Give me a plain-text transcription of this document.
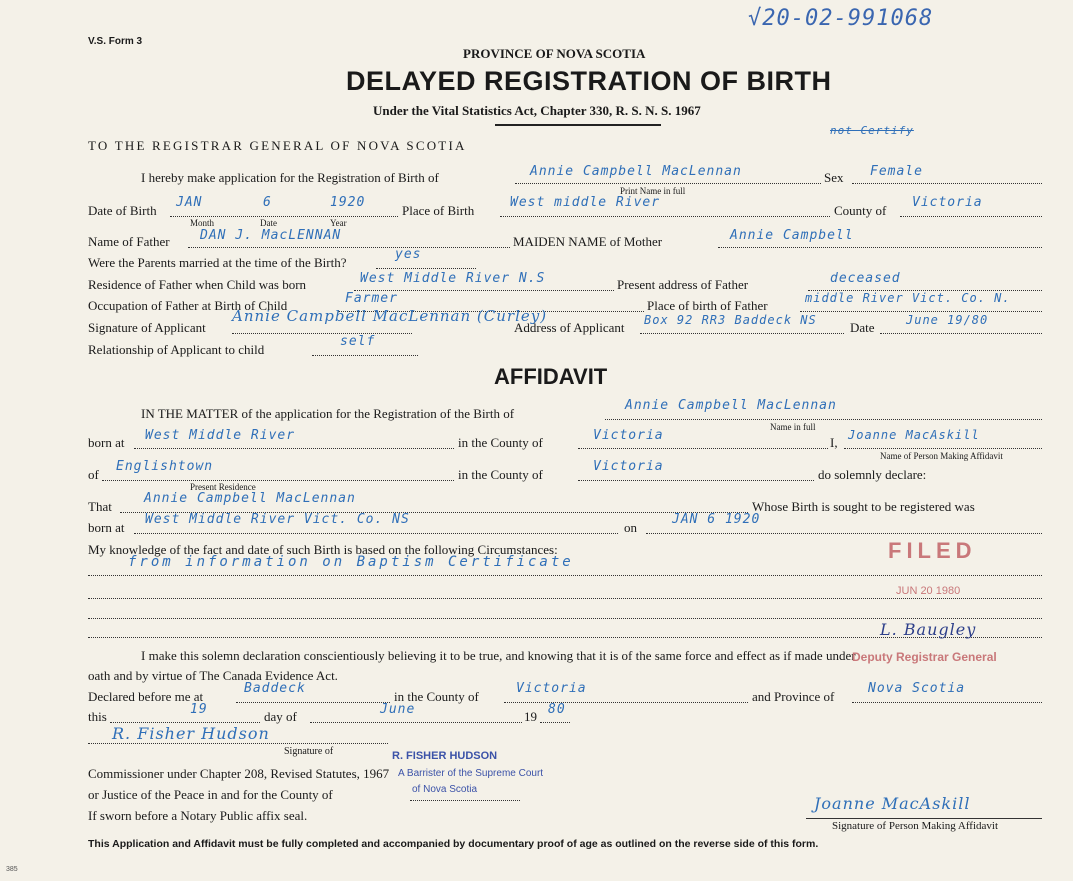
V.S. Form 3
√20-02-991068
PROVINCE OF NOVA SCOTIA
DELAYED REGISTRATION OF BIRTH
Under the Vital Statistics Act, Chapter 330, R. S. N. S. 1967
TO THE REGISTRAR GENERAL OF NOVA SCOTIA
I hereby make application for the Registration of Birth of	Annie Campbell MacLennan	Sex
not Certify
Female
Print Name in full
Date of Birth
JAN	6	1920
Month	Date	Year
Place of Birth
West middle River
County of
Victoria
Name of Father DAN J. MacLENNAN	MAIDEN NAME of Mother	Annie Campbell
Were the Parents married at the time of the Birth?
yes
Residence of Father when Child was born	West Middle River N.S	Present address of Father	deceased
Occupation of Father at Birth of Child	Farmer	Place of birth of Father	middle River Vict. Co. N.
Signature of Applicant
Annie Campbell MacLennan (Curley)
Address of Applicant Box 92 RR3 Baddeck NS	Date	June 19/80
Relationship of Applicant to child
self
AFFIDAVIT
IN THE MATTER of the application for the Registration of the Birth of
Annie Campbell MacLennan
Name in full
born at West Middle River	in the County of	Victoria	I, Joanne MacAskill
Name of Person Making Affidavit
of
Englishtown
Present Residence
in the County of
Victoria
do solemnly declare:
That
Annie Campbell MacLennan
Whose Birth is sought to be registered was
born at
West Middle River Vict. Co. NS
on
JAN 6 1920
My knowledge of the fact and date of such Birth is based on the following Circumstances:
from information on Baptism Certificate
I make this solemn declaration conscientiously believing it to be true, and knowing that it is of the same force and effect as if made under
oath and by virtue of The Canada Evidence Act.
Declared before me at
Baddeck
in the County of
Victoria
and Province of
Nova Scotia
this	19	day of	June	19 80
R. Fisher Hudson
Signature of
Commissioner under Chapter 208, Revised Statutes, 1967
or Justice of the Peace in and for the County of
If sworn before a Notary Public affix seal.
R. FISHER HUDSON
A Barrister of the Supreme Court
of Nova Scotia
FILED
JUN 20 1980
L. Baugley
Deputy Registrar General
Joanne MacAskill
Signature of Person Making Affidavit
This Application and Affidavit must be fully completed and accompanied by documentary proof of age as outlined on the reverse side of this form.
385
